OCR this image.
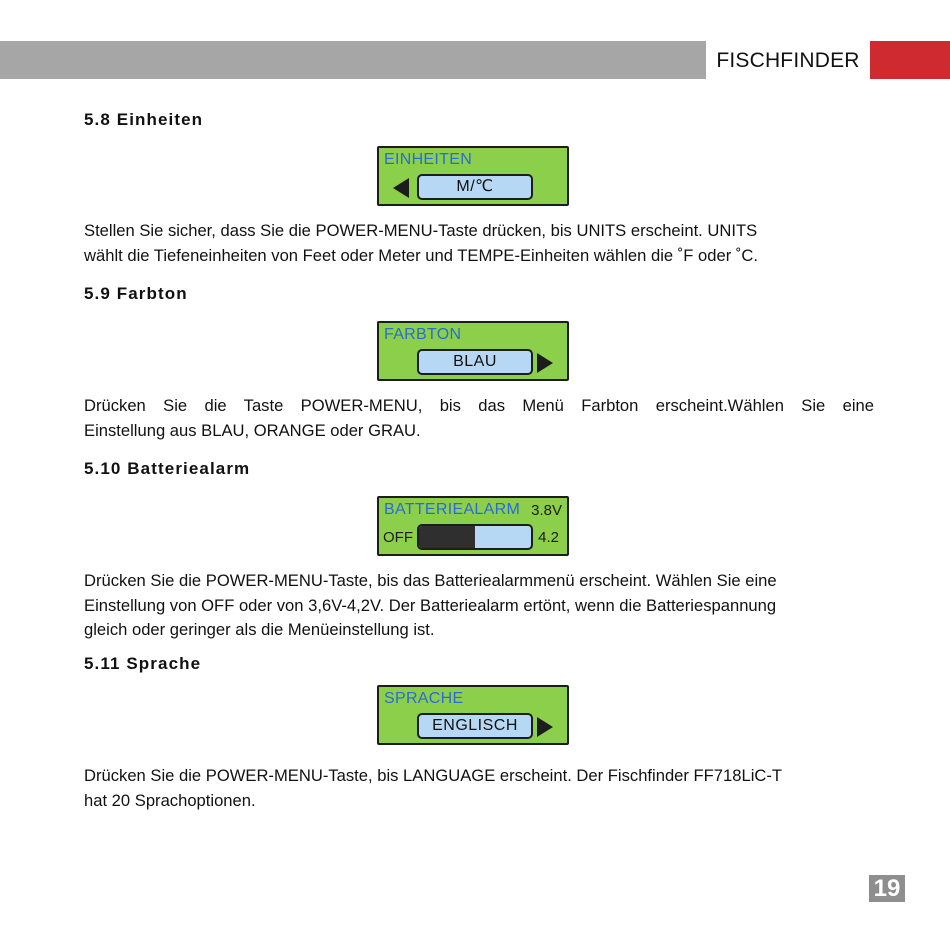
FISCHFINDER
5.8 Einheiten
EINHEITEN
M/℃
Stellen Sie sicher, dass Sie die POWER-MENU-Taste drücken, bis UNITS erscheint. UNITS
wählt die Tiefeneinheiten von Feet oder Meter und TEMPE-Einheiten wählen die ˚F oder ˚C.
5.9 Farbton
FARBTON
BLAU
Drücken Sie die Taste POWER-MENU, bis das Menü Farbton erscheint.Wählen Sie eine
Einstellung aus BLAU, ORANGE oder GRAU.
5.10 Batteriealarm
BATTERIEALARM 3.8V
OFF	4.2
Drücken Sie die POWER-MENU-Taste, bis das Batteriealarmmenü erscheint. Wählen Sie eine
Einstellung von OFF oder von 3,6V-4,2V. Der Batteriealarm ertönt, wenn die Batteriespannung
gleich oder geringer als die Menüeinstellung ist.
5.11 Sprache
SPRACHE
ENGLISCH
Drücken Sie die POWER-MENU-Taste, bis LANGUAGE erscheint. Der Fischfinder FF718LiC-T
hat 20 Sprachoptionen.
19
